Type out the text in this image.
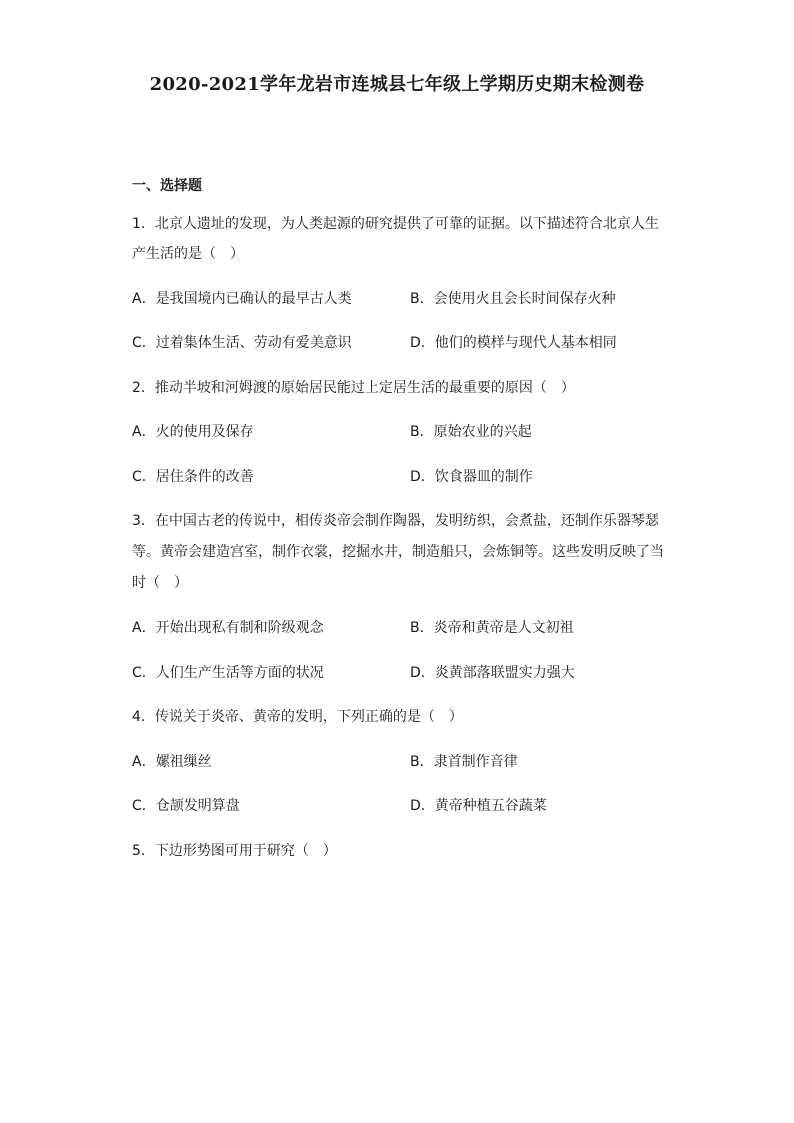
2020-2021学年龙岩市连城县七年级上学期历史期末检测卷
一、选择题
1．北京人遗址的发现，为人类起源的研究提供了可靠的证据。以下描述符合北京人生
产生活的是（　）
A．是我国境内已确认的最早古人类	B．会使用火且会长时间保存火种
C．过着集体生活、劳动有爱美意识	D．他们的模样与现代人基本相同
2．推动半坡和河姆渡的原始居民能过上定居生活的最重要的原因（　）
A．火的使用及保存	B．原始农业的兴起
C．居住条件的改善	D．饮食器皿的制作
3．在中国古老的传说中，相传炎帝会制作陶器，发明纺织，会煮盐，还制作乐器琴瑟
等。黄帝会建造宫室，制作衣裳，挖掘水井，制造船只，会炼铜等。这些发明反映了当
时（　）
A．开始出现私有制和阶级观念	B．炎帝和黄帝是人文初祖
C．人们生产生活等方面的状况	D．炎黄部落联盟实力强大
4．传说关于炎帝、黄帝的发明，下列正确的是（　）
A．嫘祖缫丝	B．隶首制作音律
C．仓颉发明算盘	D．黄帝种植五谷蔬菜
5．下边形势图可用于研究（　）
